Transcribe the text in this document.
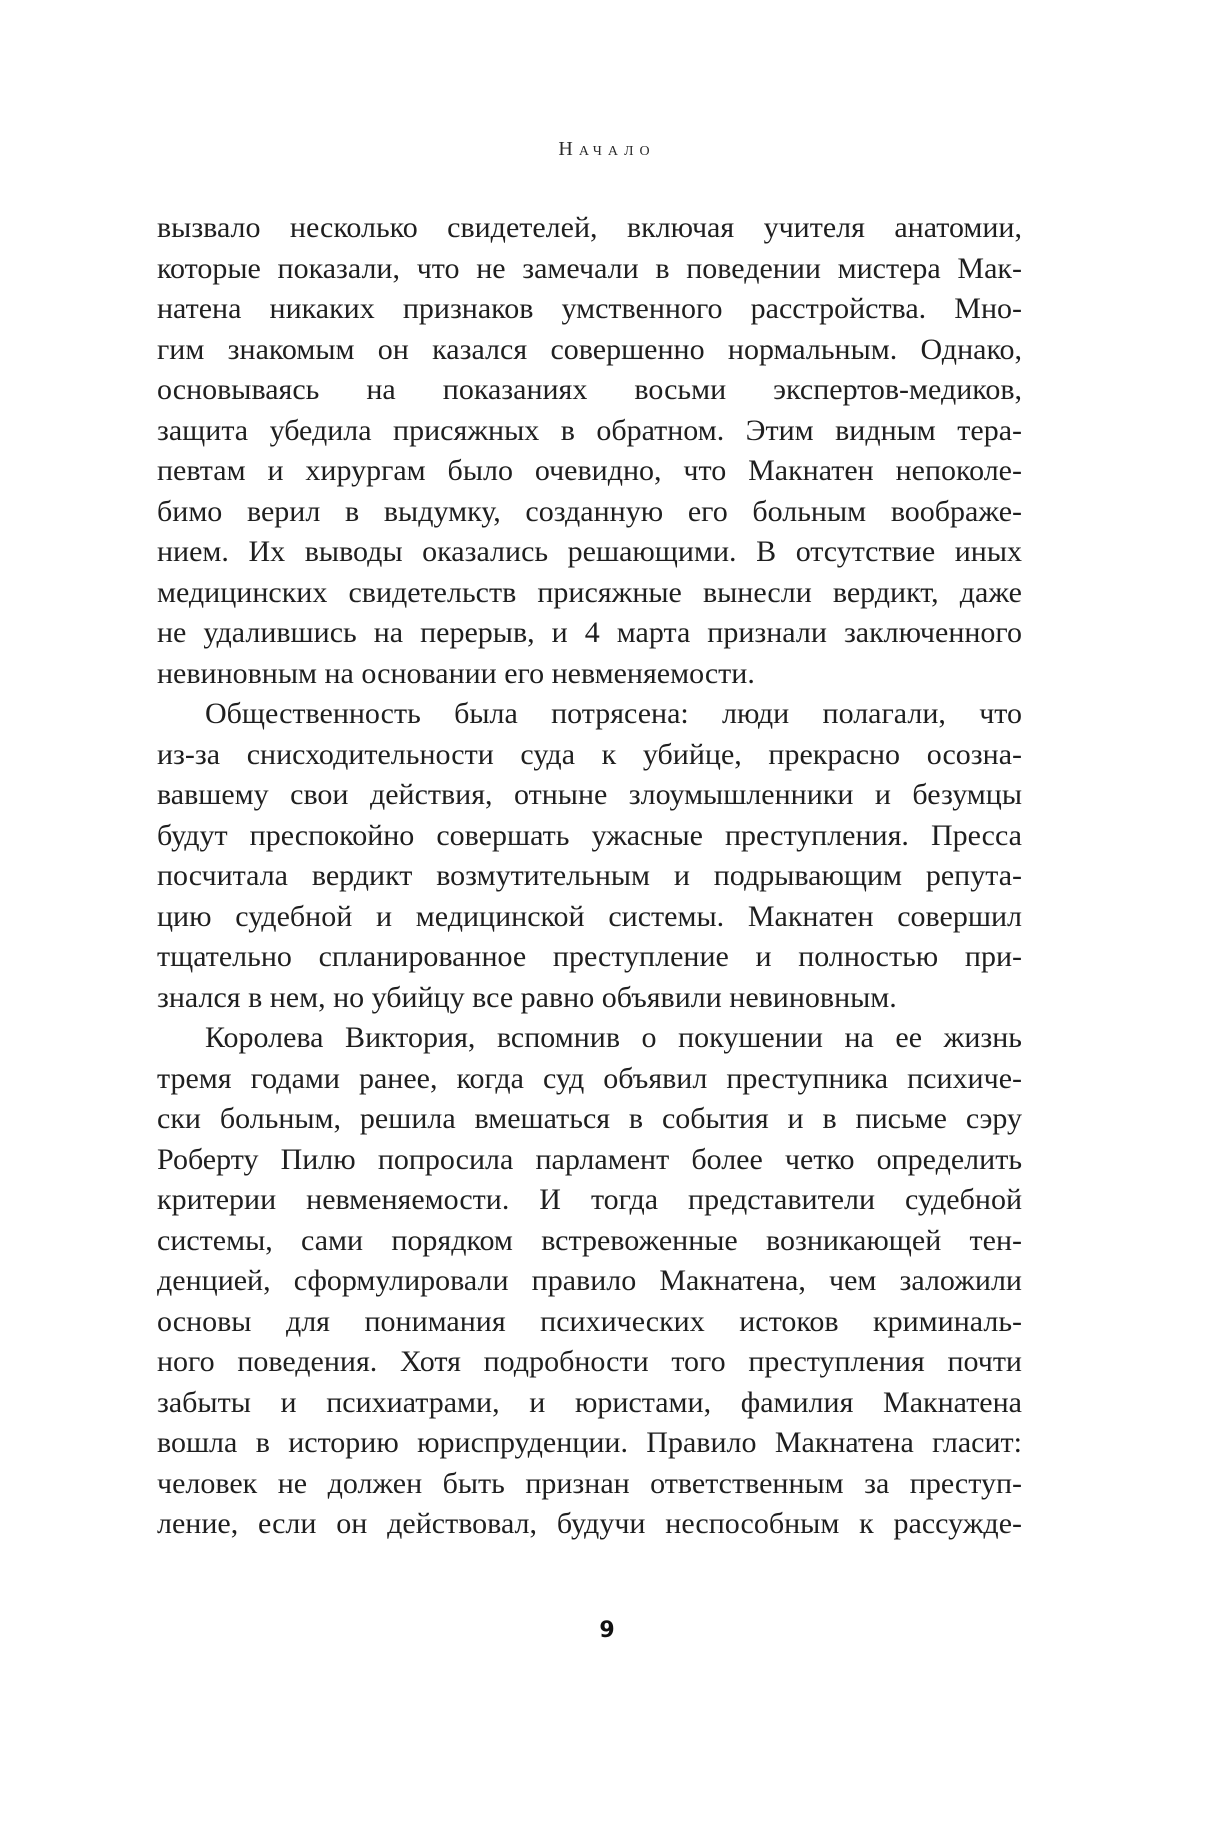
Начало
вызвало несколько свидетелей, включая учителя анатомии,
которые показали, что не замечали в поведении мистера Мак-
натена никаких признаков умственного расстройства. Мно-
гим знакомым он казался совершенно нормальным. Однако,
основываясь на показаниях восьми экспертов-медиков,
защита убедила присяжных в обратном. Этим видным тера-
певтам и хирургам было очевидно, что Макнатен непоколе-
бимо верил в выдумку, созданную его больным воображе-
нием. Их выводы оказались решающими. В отсутствие иных
медицинских свидетельств присяжные вынесли вердикт, даже
не удалившись на перерыв, и 4 марта признали заключенного
невиновным на основании его невменяемости.
Общественность была потрясена: люди полагали, что
из-за снисходительности суда к убийце, прекрасно осозна-
вавшему свои действия, отныне злоумышленники и безумцы
будут преспокойно совершать ужасные преступления. Пресса
посчитала вердикт возмутительным и подрывающим репута-
цию судебной и медицинской системы. Макнатен совершил
тщательно спланированное преступление и полностью при-
знался в нем, но убийцу все равно объявили невиновным.
Королева Виктория, вспомнив о покушении на ее жизнь
тремя годами ранее, когда суд объявил преступника психиче-
ски больным, решила вмешаться в события и в письме сэру
Роберту Пилю попросила парламент более четко определить
критерии невменяемости. И тогда представители судебной
системы, сами порядком встревоженные возникающей тен-
денцией, сформулировали правило Макнатена, чем заложили
основы для понимания психических истоков криминаль-
ного поведения. Хотя подробности того преступления почти
забыты и психиатрами, и юристами, фамилия Макнатена
вошла в историю юриспруденции. Правило Макнатена гласит:
человек не должен быть признан ответственным за преступ-
ление, если он действовал, будучи неспособным к рассужде-
9
